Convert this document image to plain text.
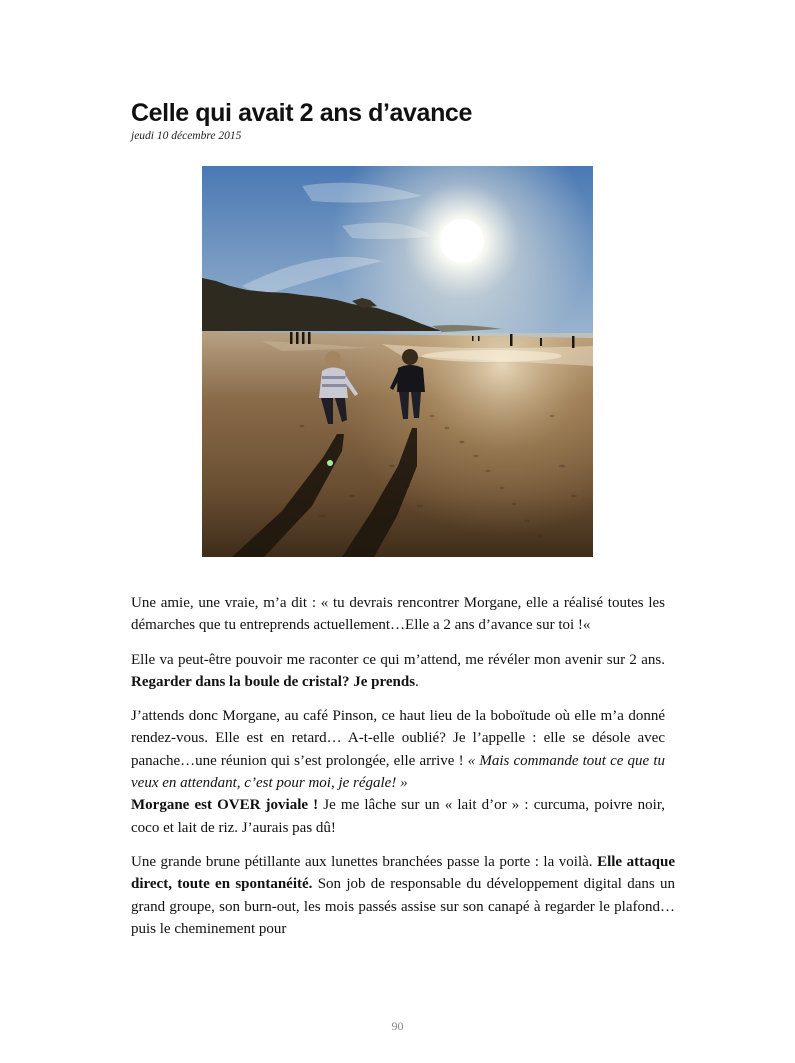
Celle qui avait 2 ans d’avance
jeudi 10 décembre 2015

Une amie, une vraie, m’a dit : « tu devrais rencontrer Morgane, elle a réalisé toutes les démarches que tu entreprends actuellement…Elle a 2 ans d’avance sur toi !«

Elle va peut-être pouvoir me raconter ce qui m’attend, me révéler mon avenir sur 2 ans. Regarder dans la boule de cristal? Je prends.

J’attends donc Morgane, au café Pinson, ce haut lieu de la boboïtude où elle m’a donné rendez-vous. Elle est en retard… A-t-elle oublié? Je l’appelle : elle se désole avec panache…une réunion qui s’est prolongée, elle arrive ! « Mais commande tout ce que tu veux en attendant, c’est pour moi, je régale! »
Morgane est OVER joviale ! Je me lâche sur un « lait d’or » : curcuma, poivre noir, coco et lait de riz. J’aurais pas dû!

Une grande brune pétillante aux lunettes branchées passe la porte : la voilà. Elle attaque direct, toute en spontanéité. Son job de responsable du développement digital dans un grand groupe, son burn-out, les mois passés assise sur son canapé à regarder le plafond…puis le cheminement pour

90
